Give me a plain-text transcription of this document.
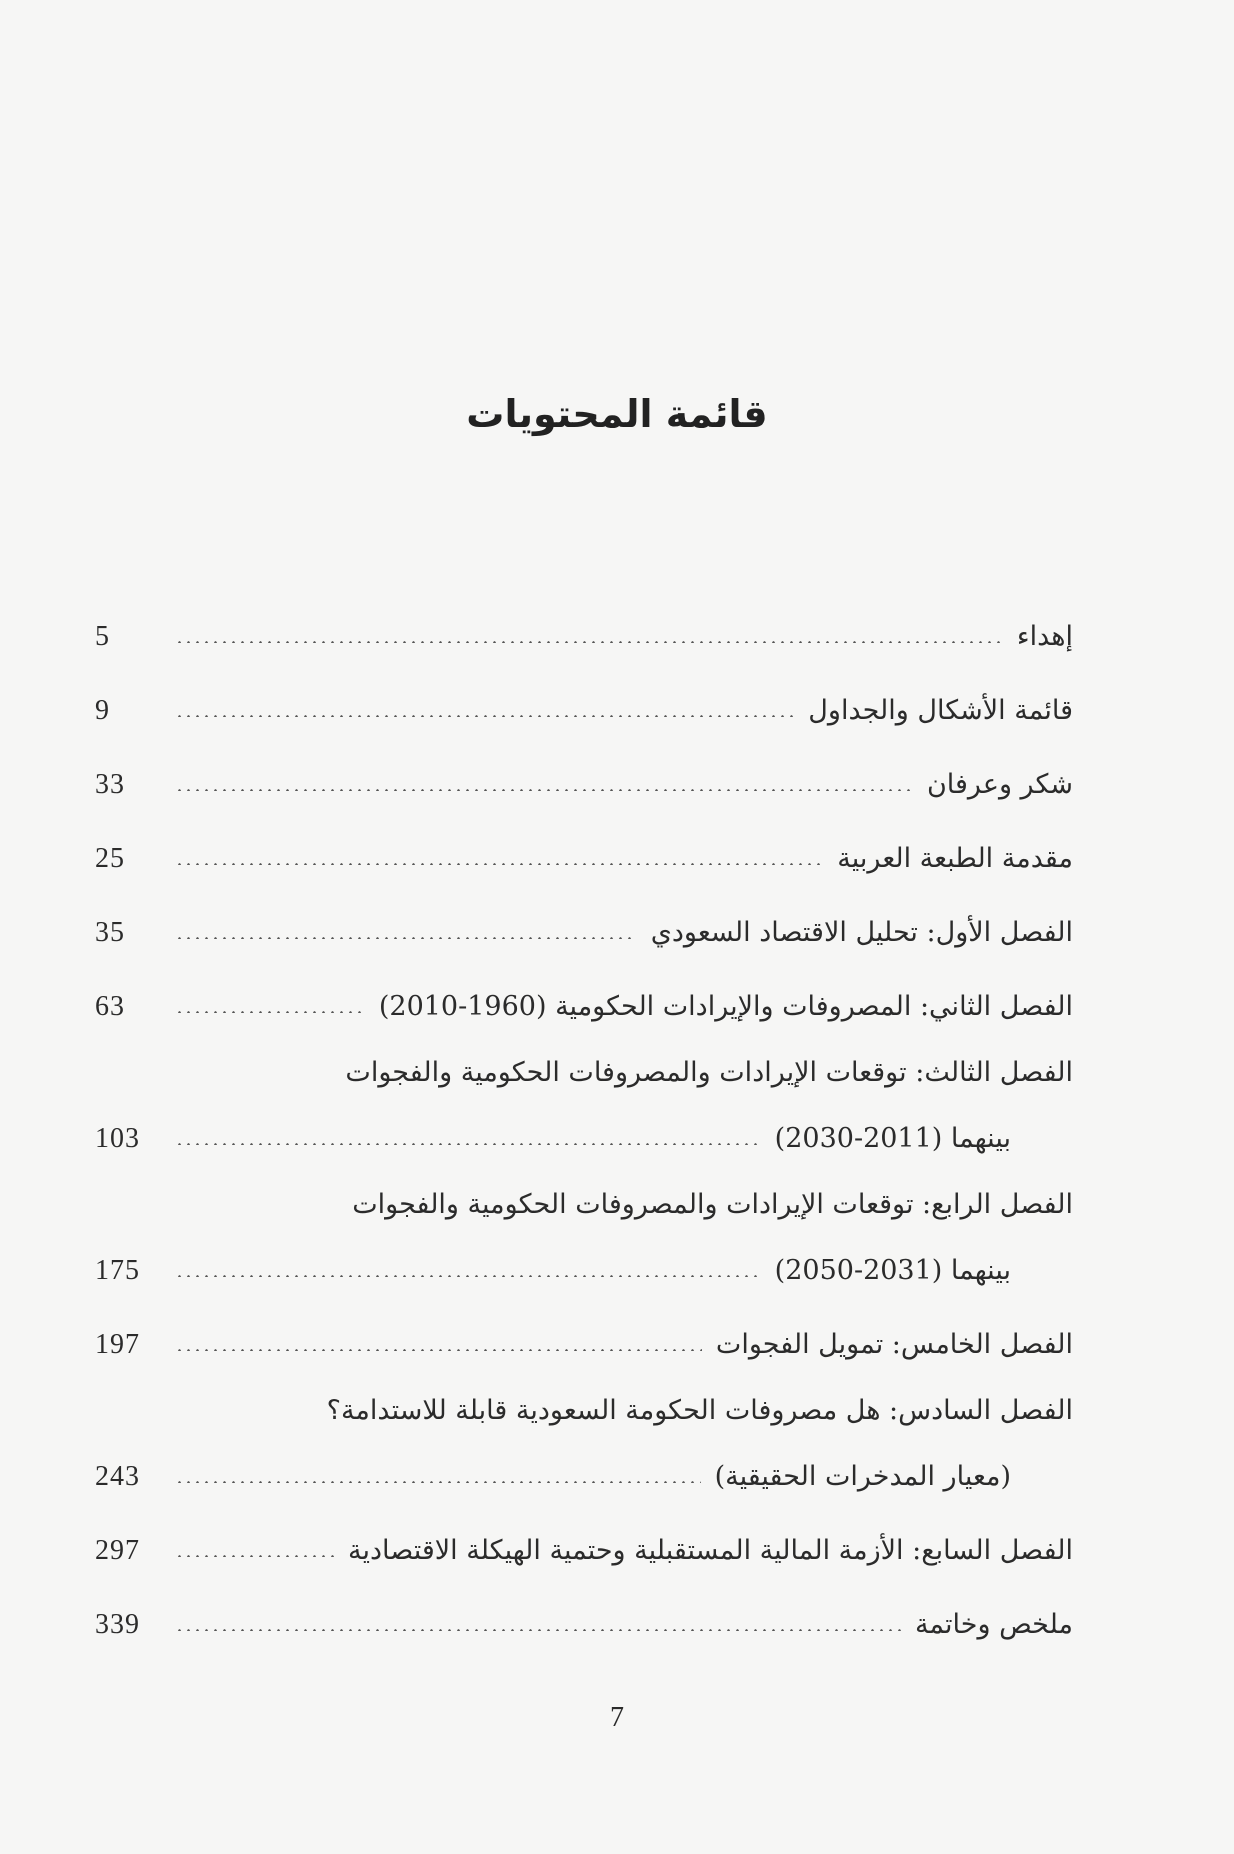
قائمة المحتويات
إهداء
5
قائمة الأشكال والجداول
9
شكر وعرفان
33
مقدمة الطبعة العربية
25
الفصل الأول: تحليل الاقتصاد السعودي
35
الفصل الثاني: المصروفات والإيرادات الحكومية (1960-2010)
63
الفصل الثالث: توقعات الإيرادات والمصروفات الحكومية والفجوات
بينهما (2011-2030)
103
الفصل الرابع: توقعات الإيرادات والمصروفات الحكومية والفجوات
بينهما (2031-2050)
175
الفصل الخامس: تمويل الفجوات
197
الفصل السادس: هل مصروفات الحكومة السعودية قابلة للاستدامة؟
(معيار المدخرات الحقيقية)
243
الفصل السابع: الأزمة المالية المستقبلية وحتمية الهيكلة الاقتصادية
297
ملخص وخاتمة
339
7
